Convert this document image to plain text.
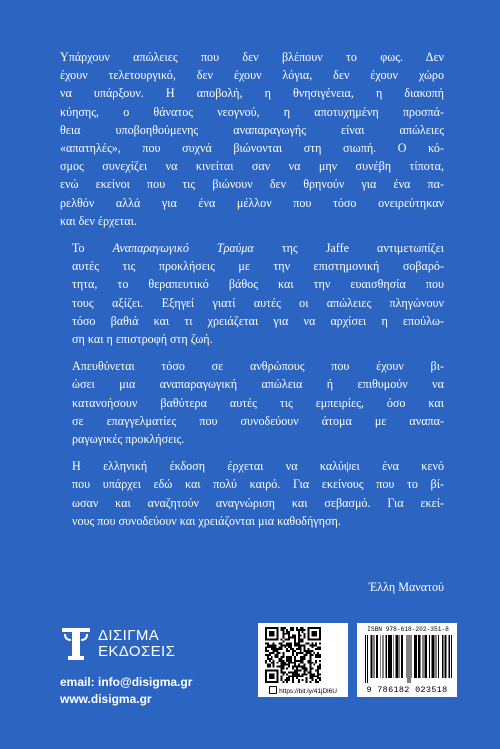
Υπάρχουν απώλειες που δεν βλέπουν το φως. Δεν
έχουν τελετουργικό, δεν έχουν λόγια, δεν έχουν χώρο
να υπάρξουν. Η αποβολή, η θνησιγένεια, η διακοπή
κύησης, ο θάνατος νεογνού, η αποτυχημένη προσπά-
θεια υποβοηθούμενης αναπαραγωγής είναι απώλειες
«απατηλές», που συχνά βιώνονται στη σιωπή. Ο κό-
σμος συνεχίζει να κινείται σαν να μην συνέβη τίποτα,
ενώ εκείνοι που τις βιώνουν δεν θρηνούν για ένα πα-
ρελθόν αλλά για ένα μέλλον που τόσο ονειρεύτηκαν
και δεν έρχεται.
Το Αναπαραγωγικό Τραύμα της Jaffe αντιμετωπίζει
αυτές τις προκλήσεις με την επιστημονική σοβαρό-
τητα, το θεραπευτικό βάθος και την ευαισθησία που
τους αξίζει. Εξηγεί γιατί αυτές οι απώλειες πληγώνουν
τόσο βαθιά και τι χρειάζεται για να αρχίσει η επούλω-
ση και η επιστροφή στη ζωή.
Απευθύνεται τόσο σε ανθρώπους που έχουν βι-
ώσει μια αναπαραγωγική απώλεια ή επιθυμούν να
κατανοήσουν βαθύτερα αυτές τις εμπειρίες, όσο και
σε επαγγελματίες που συνοδεύουν άτομα με αναπα-
ραγωγικές προκλήσεις.
Η ελληνική έκδοση έρχεται να καλύψει ένα κενό
που υπάρχει εδώ και πολύ καιρό. Για εκείνους που το βί-
ωσαν και αναζητούν αναγνώριση και σεβασμό. Για εκεί-
νους που συνοδεύουν και χρειάζονται μια καθοδήγηση.
Έλλη Μανατού
ΔΙΣΙΓΜΑ
ΕΚΔΟΣΕΙΣ
email: info@disigma.gr
www.disigma.gr
https://bit.ly/41jDl6U
ISBN 978-618-202-351-8
9 786182 023518
